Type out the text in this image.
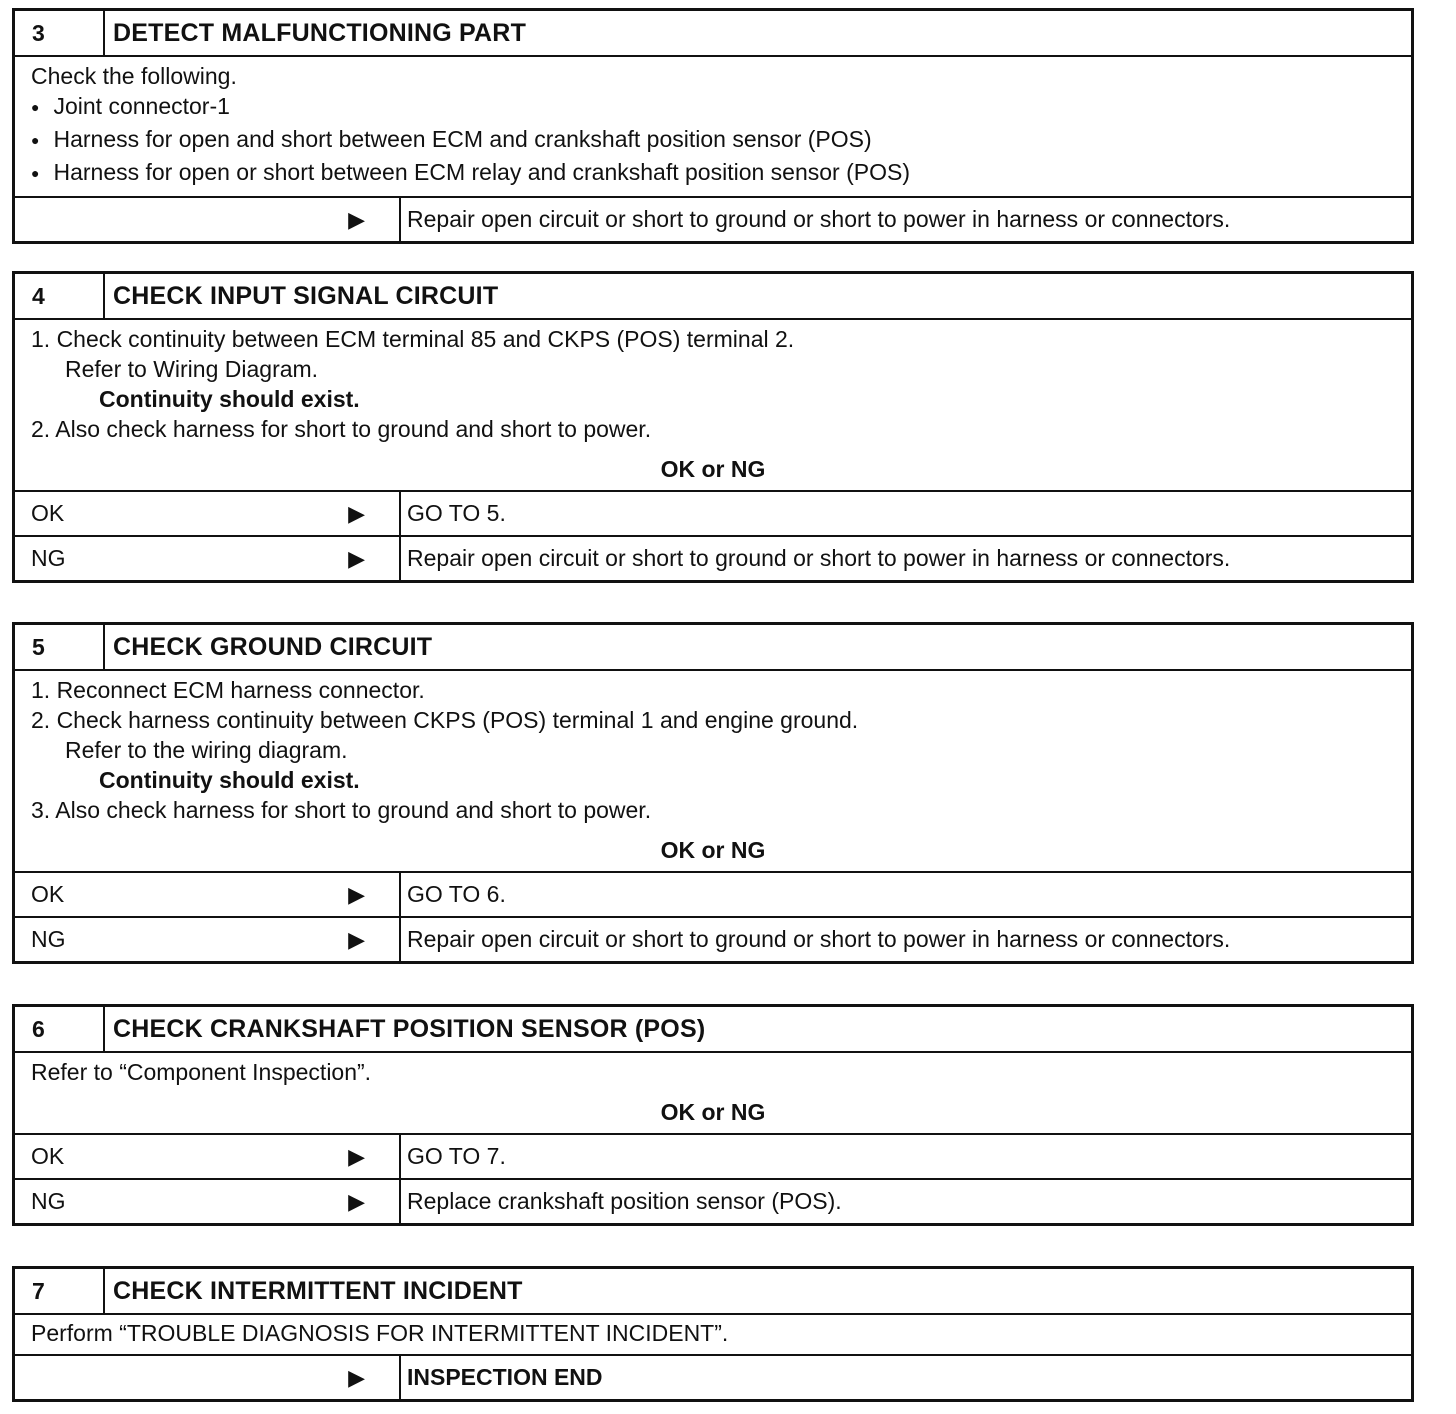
3	DETECT MALFUNCTIONING PART
Check the following.
● Joint connector-1
● Harness for open and short between ECM and crankshaft position sensor (POS)
● Harness for open or short between ECM relay and crankshaft position sensor (POS)
▶ Repair open circuit or short to ground or short to power in harness or connectors.
4	CHECK INPUT SIGNAL CIRCUIT
1. Check continuity between ECM terminal 85 and CKPS (POS) terminal 2.
Refer to Wiring Diagram.
Continuity should exist.
2. Also check harness for short to ground and short to power.
OK or NG
OK	▶ GO TO 5.
NG	▶ Repair open circuit or short to ground or short to power in harness or connectors.
5	CHECK GROUND CIRCUIT
1. Reconnect ECM harness connector.
2. Check harness continuity between CKPS (POS) terminal 1 and engine ground.
Refer to the wiring diagram.
Continuity should exist.
3. Also check harness for short to ground and short to power.
OK or NG
OK	▶ GO TO 6.
NG	▶ Repair open circuit or short to ground or short to power in harness or connectors.
6	CHECK CRANKSHAFT POSITION SENSOR (POS)
Refer to “Component Inspection”.
OK or NG
OK	▶ GO TO 7.
NG	▶ Replace crankshaft position sensor (POS).
7	CHECK INTERMITTENT INCIDENT
Perform “TROUBLE DIAGNOSIS FOR INTERMITTENT INCIDENT”.
▶ INSPECTION END
